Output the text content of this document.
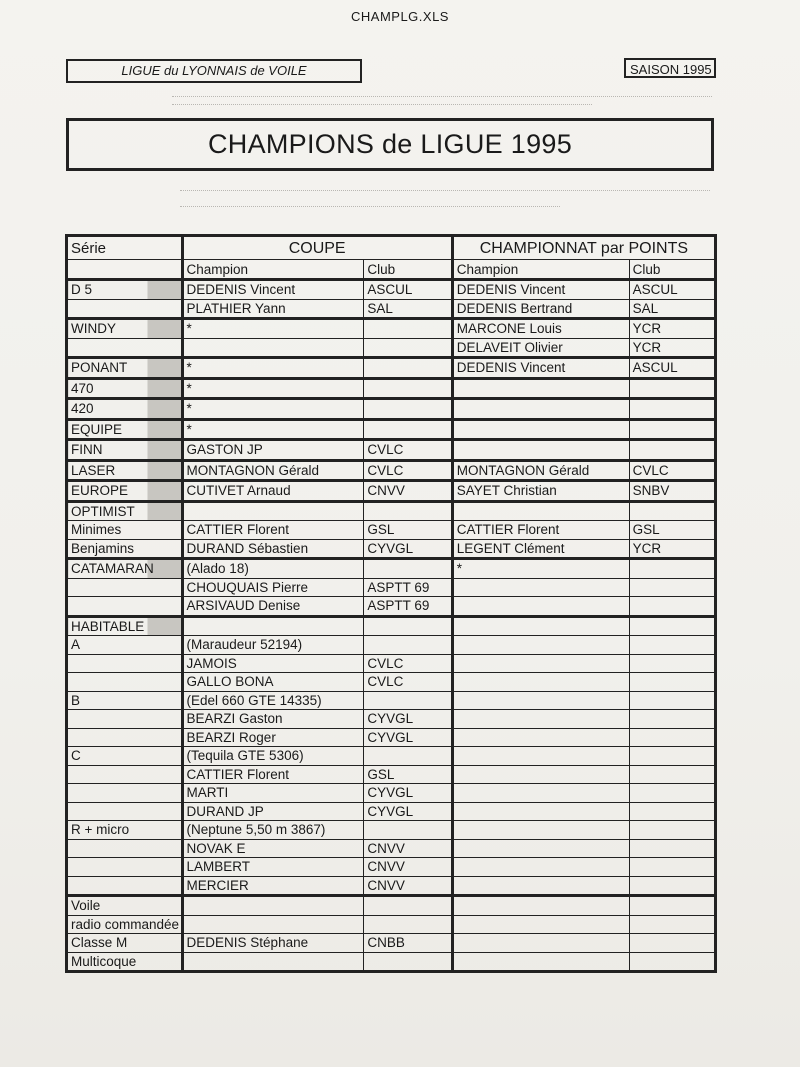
CHAMPLG.XLS
LIGUE du LYONNAIS de VOILE	SAISON 1995
CHAMPIONS de LIGUE 1995
Série	COUPE		CHAMPIONNAT par POINTS	
	Champion	Club	Champion	Club
D 5	DEDENIS Vincent	ASCUL	DEDENIS Vincent	ASCUL
	PLATHIER Yann	SAL	DEDENIS Bertrand	SAL
WINDY	*		MARCONE Louis	YCR
			DELAVEIT Olivier	YCR
PONANT	*		DEDENIS Vincent	ASCUL
470	*			
420	*			
EQUIPE	*			
FINN	GASTON JP	CVLC		
LASER	MONTAGNON Gérald	CVLC	MONTAGNON Gérald	CVLC
EUROPE	CUTIVET Arnaud	CNVV	SAYET Christian	SNBV
OPTIMIST				
Minimes	CATTIER Florent	GSL	CATTIER Florent	GSL
Benjamins	DURAND Sébastien	CYVGL	LEGENT Clément	YCR
CATAMARAN	(Alado 18)		*	
	CHOUQUAIS Pierre	ASPTT 69		
	ARSIVAUD Denise	ASPTT 69		
HABITABLE				
A	(Maraudeur 52194)			
	JAMOIS	CVLC		
	GALLO BONA	CVLC		
B	(Edel 660 GTE 14335)			
	BEARZI Gaston	CYVGL		
	BEARZI Roger	CYVGL		
C	(Tequila GTE 5306)			
	CATTIER Florent	GSL		
	MARTI	CYVGL		
	DURAND JP	CYVGL		
R + micro	(Neptune 5,50 m 3867)			
	NOVAK E	CNVV		
	LAMBERT	CNVV		
	MERCIER	CNVV		
Voile				
radio commandée				
Classe M	DEDENIS Stéphane	CNBB		
Multicoque				
